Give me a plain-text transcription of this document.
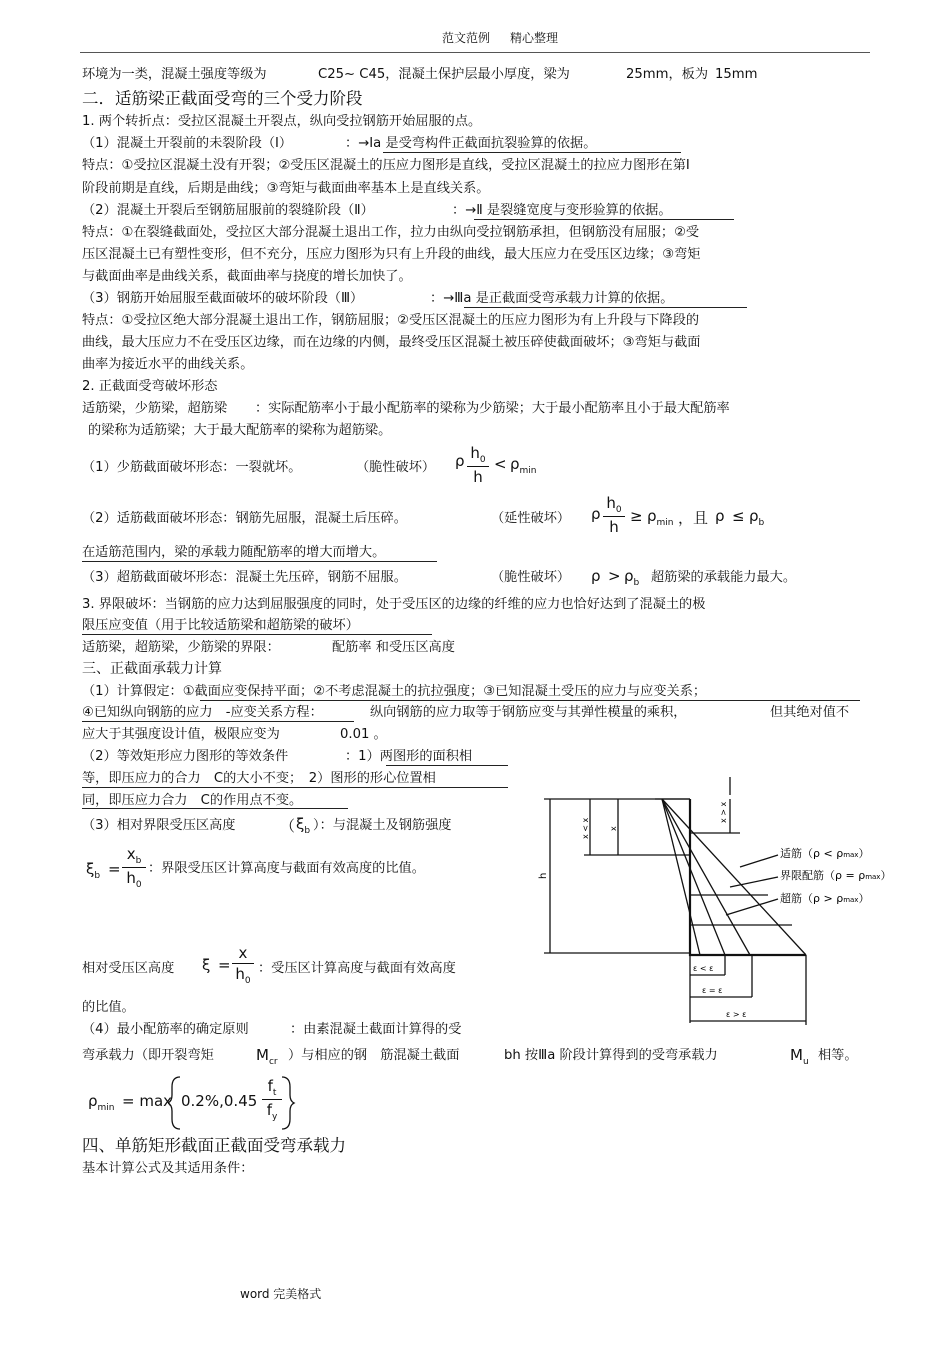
范文范例 精心整理
环境为一类，混凝土强度等级为	C25~ C45，混凝土保护层最小厚度，梁为	25mm，板为 15mm
二．适筋梁正截面受弯的三个受力阶段
1. 两个转折点：受拉区混凝土开裂点，纵向受拉钢筋开始屈服的点。
（1）混凝土开裂前的未裂阶段（Ⅰ）	：→Ⅰa 是受弯构件正截面抗裂验算的依据。
特点：①受拉区混凝土没有开裂；②受压区混凝土的压应力图形是直线，受拉区混凝土的拉应力图形在第Ⅰ
阶段前期是直线，后期是曲线；③弯矩与截面曲率基本上是直线关系。
（2）混凝土开裂后至钢筋屈服前的裂缝阶段（Ⅱ）	：→Ⅱ 是裂缝宽度与变形验算的依据。
特点：①在裂缝截面处，受拉区大部分混凝土退出工作，拉力由纵向受拉钢筋承担，但钢筋没有屈服；②受
压区混凝土已有塑性变形，但不充分，压应力图形为只有上升段的曲线，最大压应力在受压区边缘；③弯矩
与截面曲率是曲线关系，截面曲率与挠度的增长加快了。
（3）钢筋开始屈服至截面破坏的破坏阶段（Ⅲ）	：→Ⅲa 是正截面受弯承载力计算的依据。
特点：①受拉区绝大部分混凝土退出工作，钢筋屈服；②受压区混凝土的压应力图形为有上升段与下降段的
曲线，最大压应力不在受压区边缘，而在边缘的内侧，最终受压区混凝土被压碎使截面破坏；③弯矩与截面
曲率为接近水平的曲线关系。
2. 正截面受弯破坏形态
适筋梁，少筋梁，超筋梁 ：实际配筋率小于最小配筋率的梁称为少筋梁；大于最小配筋率且小于最大配筋率
的梁称为适筋梁；大于最大配筋率的梁称为超筋梁。
（1）少筋截面破坏形态：一裂就坏。	（脆性破坏） ρ $h_0$
h
< $\rho_{min}$
（2）适筋截面破坏形态：钢筋先屈服，混凝土后压碎。	（延性破坏） ρ
$h_0$
h
≥ $\rho_{min}$ ，且 $\rho \le \rho_b$
在适筋范围内，梁的承载力随配筋率的增大而增大。
（3）超筋截面破坏形态：混凝土先压碎，钢筋不屈服。	（脆性破坏） $\rho > \rho_b$ 超筋梁的承载能力最大。
3. 界限破坏：当钢筋的应力达到屈服强度的同时，处于受压区的边缘的纤维的应力也恰好达到了混凝土的极
限压应变值（用于比较适筋梁和超筋梁的破坏）
适筋梁，超筋梁，少筋梁的界限：	配筋率 和受压区高度
三、正截面承载力计算
（1）计算假定：①截面应变保持平面；②不考虑混凝土的抗拉强度；③已知混凝土受压的应力与应变关系；
④已知纵向钢筋的应力　-应变关系方程：	纵向钢筋的应力取等于钢筋应变与其弹性模量的乘积，	但其绝对值不
应大于其强度设计值，极限应变为	0.01 。
（2）等效矩形应力图形的等效条件	：1）两图形的面积相
等，即压应力的合力　C的大小不变；　2）图形的形心位置相
同，即压应力合力　C的作用点不变。
（3）相对界限受压区高度	（ $\xi_b$ ）：与混凝土及钢筋强度
$\xi_b$ =
$x_b$
$h_0$
：界限受压区计算高度与截面有效高度的比值。
相对受压区高度 ξ =
x
$h_0$
：受压区计算高度与截面有效高度
的比值。
（4）最小配筋率的确定原则	：由素混凝土截面计算得的受
弯承载力（即开裂弯矩	$M_{cr}$ ）与相应的钢　筋混凝土截面	bh 按Ⅲa 阶段计算得到的受弯承载力	$M_u$ 相等。
$\rho_{min} = \max 0.2\%,0.45$
$f_t$
$f_y$
四、单筋矩形截面正截面受弯承载力
基本计算公式及其适用条件：
h
x < x x
x > x
适筋（ρ < ρmax）
界限配筋（ρ = ρmax）
超筋（ρ > ρmax）
ε < ε
ε = ε
ε > ε
word 完美格式
